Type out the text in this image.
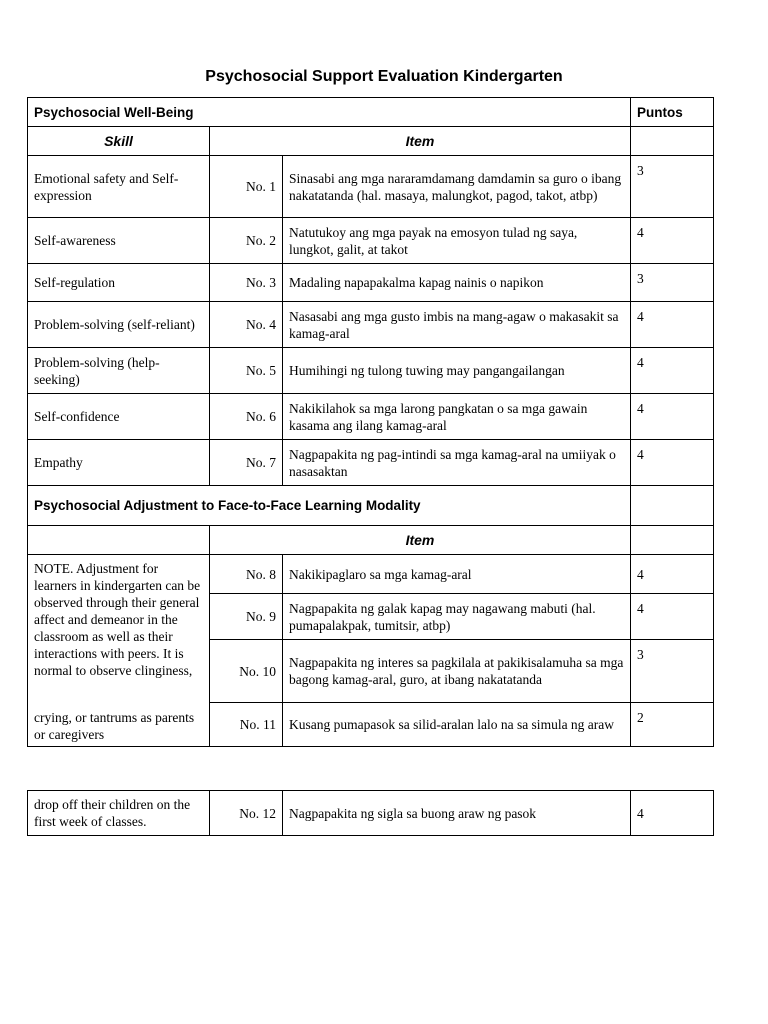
Psychosocial Support Evaluation Kindergarten
Psychosocial Well-Being			Puntos
Skill	Item		
Emotional safety and Self-expression	No. 1	Sinasabi ang mga nararamdamang damdamin sa guro o ibang nakatatanda (hal. masaya, malungkot, pagod, takot, atbp)	3
Self-awareness	No. 2	Natutukoy ang mga payak na emosyon tulad ng saya, lungkot, galit, at takot	4
Self-regulation	No. 3	Madaling napapakalma kapag nainis o napikon	3
Problem-solving (self-reliant)	No. 4	Nasasabi ang mga gusto imbis na mang-agaw o makasakit sa kamag-aral	4
Problem-solving (help-seeking)	No. 5	Humihingi ng tulong tuwing may pangangailangan	4
Self-confidence	No. 6	Nakikilahok sa mga larong pangkatan o sa mga gawain kasama ang ilang kamag-aral	4
Empathy	No. 7	Nagpapakita ng pag-intindi sa mga kamag-aral na umiiyak o nasasaktan	4
Psychosocial Adjustment to Face-to-Face Learning Modality			
	Item		
NOTE. Adjustment for learners in kindergarten can be observed through their general affect and demeanor in the classroom as well as their interactions with peers. It is normal to observe clinginess,	No. 8	Nakikipaglaro sa mga kamag-aral	4
	No. 9	Nagpapakita ng galak kapag may nagawang mabuti (hal. pumapalakpak, tumitsir, atbp)	4
	No. 10	Nagpapakita ng interes sa pagkilala at pakikisalamuha sa mga bagong kamag-aral, guro, at ibang nakatatanda	3
crying, or tantrums as parents or caregivers	No. 11	Kusang pumapasok sa silid-aralan lalo na sa simula ng araw	2
drop off their children on the first week of classes.	No. 12	Nagpapakita ng sigla sa buong araw ng pasok	4
